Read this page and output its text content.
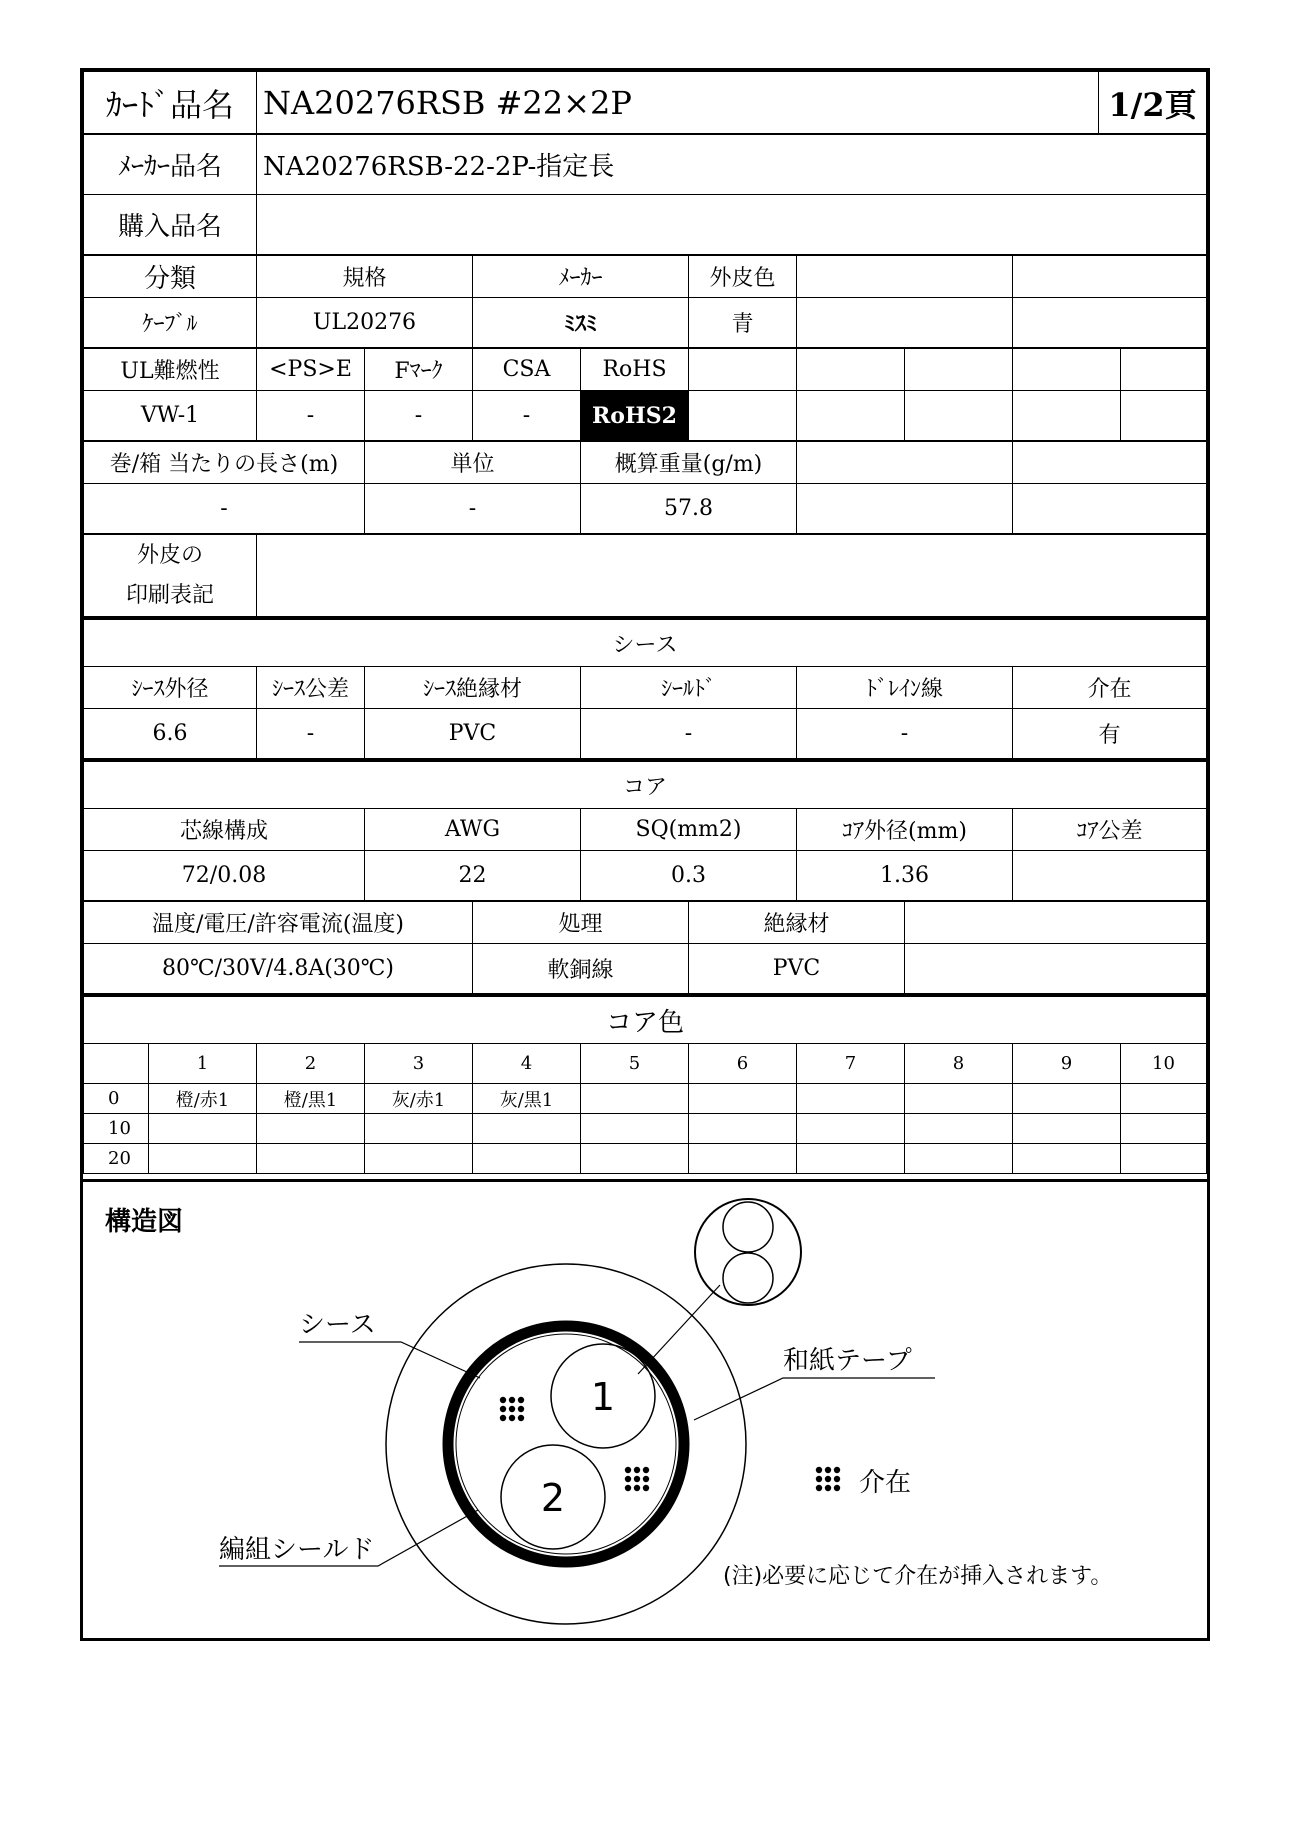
ｶｰﾄﾞ品名	NA20276RSB #22×2P	1/2頁
ﾒｰｶｰ品名	NA20276RSB-22-2P-指定長
購入品名	
分類	規格	ﾒｰｶｰ	外皮色		
ｹｰﾌﾞﾙ	UL20276	ﾐｽﾐ	青		
UL難燃性	<PS>E	Fﾏｰｸ	CSA	RoHS					
VW-1	-	-	-	RoHS2					
巻/箱 当たりの長さ(m)	単位	概算重量(g/m)		
-	-	57.8		
外皮の
印刷表記

シース					
ｼｰｽ外径	ｼｰｽ公差	ｼｰｽ絶縁材	ｼｰﾙﾄﾞ	ﾄﾞﾚｲﾝ線	介在
6.6	-	PVC	-	-	有
コア				
芯線構成	AWG	SQ(mm2)	ｺｱ外径(mm)	ｺｱ公差
72/0.08	22	0.3	1.36	
温度/電圧/許容電流(温度)	処理	絶縁材	
80℃/30V/4.8A(30℃)	軟銅線	PVC	
コア色										
	1	2	3	4	5	6	7	8	9	10
0	橙/赤1	橙/黒1	灰/赤1	灰/黒1						
10										
20										
構造図
1
2
シース
和紙テープ
編組シールド
介在
(注)必要に応じて介在が挿入されます。
